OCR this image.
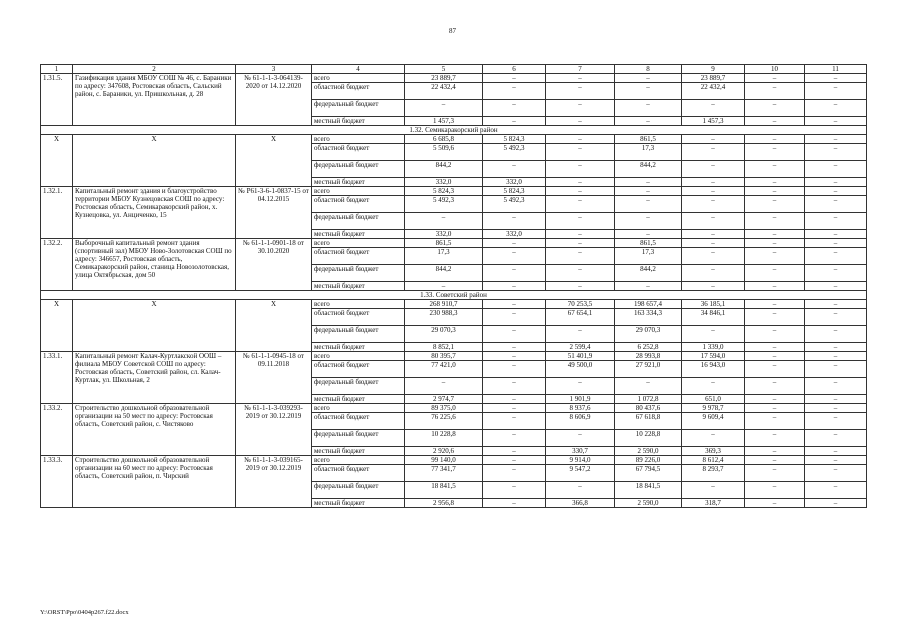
87
1	2	3	4	5	6	7	8	9	10	11
1.31.5.	Газификация здания МБОУ СОШ № 46, с. Бараники по адресу: 347608, Ростовская область, Сальский район, с. Бараники, ул. Пришкольная, д. 28	№ 61-1-1-3-064139-2020 от 14.12.2020	всего	23 889,7	–	–	–	23 889,7	–	–
			областной бюджет	22 432,4	–	–	–	22 432,4	–	–
			федеральный бюджет	–	–	–	–	–	–	–
			местный бюджет	1 457,3	–	–	–	1 457,3	–	–
1.32. Семикаракорский район										
Х	Х	Х	всего	6 685,8	5 824,3	–	861,5	–	–	–
			областной бюджет	5 509,6	5 492,3	–	17,3	–	–	–
			федеральный бюджет	844,2	–	–	844,2	–	–	–
			местный бюджет	332,0	332,0	–	–	–	–	–
1.32.1.	Капитальный ремонт здания и благоустройство территории МБОУ Кузнецовская СОШ по адресу: Ростовская область, Семикаракорский район, х. Кузнецовка, ул. Анциченко, 15	№ Р61-3-6-1-0837-15 от 04.12.2015	всего	5 824,3	5 824,3	–	–	–	–	–
			областной бюджет	5 492,3	5 492,3	–	–	–	–	–
			федеральный бюджет	–	–	–	–	–	–	–
			местный бюджет	332,0	332,0	–	–	–	–	–
1.32.2.	Выборочный капитальный ремонт здания (спортивный зал) МБОУ Ново-Золотовская СОШ по адресу: 346657, Ростовская область, Семикаракорский район, станица Новозолотовская, улица Октябрьская, дом 50	№ 61-1-1-0901-18 от 30.10.2020	всего	861,5	–	–	861,5	–	–	–
			областной бюджет	17,3	–	–	17,3	–	–	–
			федеральный бюджет	844,2	–	–	844,2	–	–	–
			местный бюджет	–	–	–	–	–	–	–
1.33. Советский район										
Х	Х	Х	всего	268 910,7	–	70 253,5	198 657,4	36 185,1	–	–
			областной бюджет	230 988,3	–	67 654,1	163 334,3	34 846,1	–	–
			федеральный бюджет	29 070,3	–	–	29 070,3	–	–	–
			местный бюджет	8 852,1	–	2 599,4	6 252,8	1 339,0	–	–
1.33.1.	Капитальный ремонт Калач-Куртлакской ООШ – филиала МБОУ Советской СОШ по адресу: Ростовская область, Советский район, сл. Калач-Куртлак, ул. Школьная, 2	№ 61-1-1-0945-18 от 09.11.2018	всего	80 395,7	–	51 401,9	28 993,8	17 594,0	–	–
			областной бюджет	77 421,0	–	49 500,0	27 921,0	16 943,0	–	–
			федеральный бюджет	–	–	–	–	–	–	–
			местный бюджет	2 974,7	–	1 901,9	1 072,8	651,0	–	–
1.33.2.	Строительство дошкольной образовательной организации на 50 мест по адресу: Ростовская область, Советский район, с. Чистяково	№ 61-1-1-3-039293-2019 от 30.12.2019	всего	89 375,0	–	8 937,6	80 437,6	9 978,7	–	–
			областной бюджет	76 225,6	–	8 606,9	67 618,8	9 609,4	–	–
			федеральный бюджет	10 228,8	–	–	10 228,8	–	–	–
			местный бюджет	2 920,6	–	330,7	2 590,0	369,3	–	–
1.33.3.	Строительство дошкольной образовательной организации на 60 мест по адресу: Ростовская область, Советский район, п. Чирский	№ 61-1-1-3-039165-2019 от 30.12.2019	всего	99 140,0	–	9 914,0	89 226,0	8 612,4	–	–
			областной бюджет	77 341,7	–	9 547,2	67 794,5	8 293,7	–	–
			федеральный бюджет	18 841,5	–	–	18 841,5	–	–	–
			местный бюджет	2 956,8	–	366,8	2 590,0	318,7	–	–
Y:\ORST\Ppo\0404p267.f22.docx
